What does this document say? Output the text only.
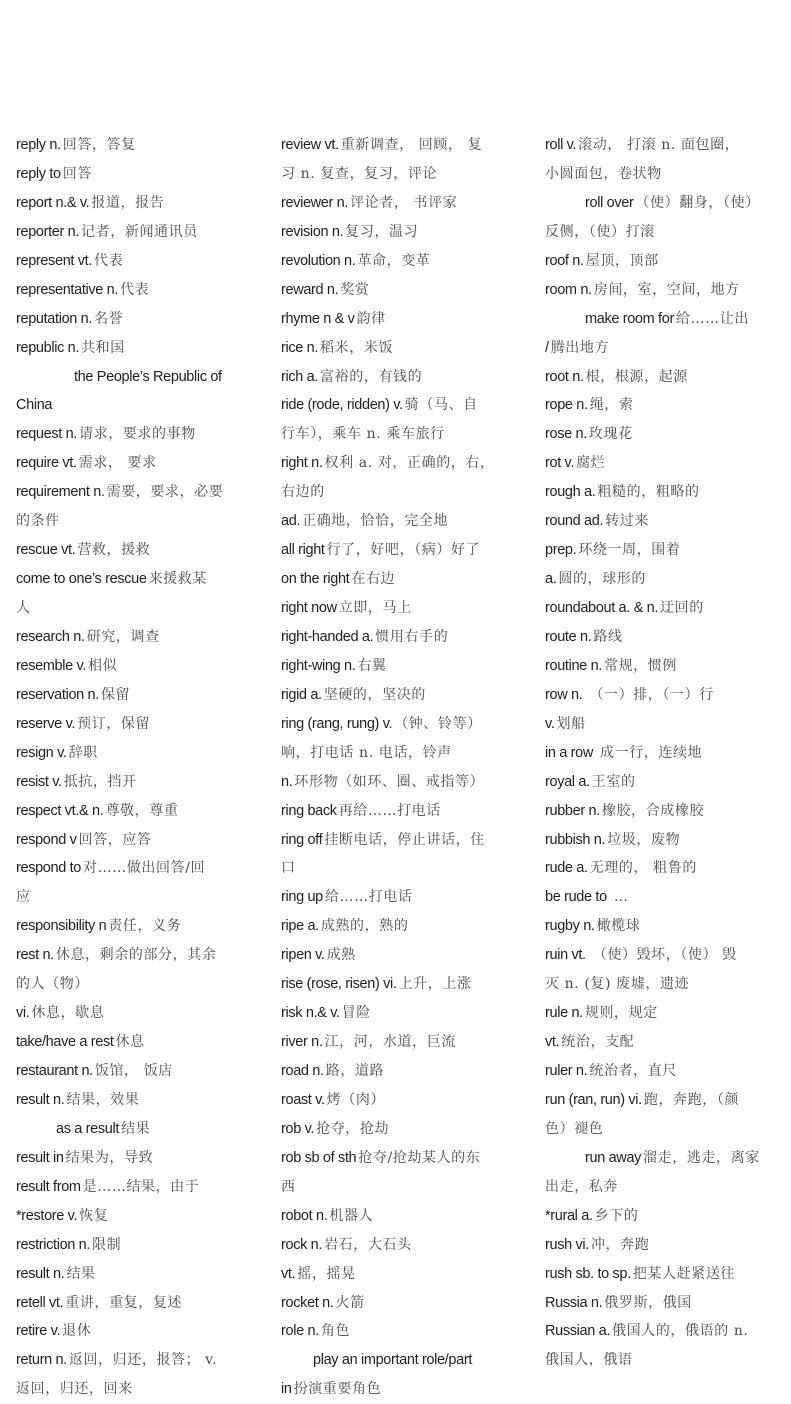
reply n. 回答，答复
reply to 回答
report n.& v. 报道，报告
reporter n. 记者，新闻通讯员
represent vt. 代表
representative n. 代表
reputation n. 名誉
republic n. 共和国
the People’s Republic of
China
request n. 请求，要求的事物
require vt. 需求， 要求
requirement n. 需要，要求，必要
的条件
rescue vt. 营救，援救
come to one’s rescue 来援救某
人
research n. 研究，调查
resemble v. 相似
reservation n. 保留
reserve v. 预订，保留
resign v. 辞职
resist v. 抵抗，挡开
respect vt.& n. 尊敬，尊重
respond v 回答，应答
respond to 对……做出回答/回
应
responsibility n 责任，义务
rest n. 休息，剩余的部分，其余
的人（物）
vi. 休息，歇息
take/have a rest 休息
restaurant n. 饭馆， 饭店
result n. 结果，效果
as a result 结果
result in 结果为，导致
result from 是……结果，由于
*restore v. 恢复
restriction n. 限制
result n. 结果
retell vt. 重讲，重复，复述
retire v. 退休
return n. 返回，归还，报答； v.
返回，归还，回来
review vt. 重新调查， 回顾， 复
习 n. 复查，复习，评论
reviewer n. 评论者， 书评家
revision n. 复习，温习
revolution n. 革命，变革
reward n. 奖赏
rhyme n & v 韵律
rice n. 稻米，米饭
rich a. 富裕的，有钱的
ride (rode, ridden) v. 骑（马、自
行车），乘车 n. 乘车旅行
right n. 权利 a. 对，正确的，右，
右边的
ad. 正确地，恰恰，完全地
all right 行了，好吧，（病）好了
on the right 在右边
right now 立即，马上
right-handed a. 惯用右手的
right-wing n. 右翼
rigid a. 坚硬的，坚决的
ring (rang, rung) v. （钟、铃等）
响，打电话 n. 电话，铃声
n. 环形物（如环、圈、戒指等）
ring back 再给……打电话
ring off 挂断电话，停止讲话，住
口
ring up 给……打电话
ripe a. 成熟的，熟的
ripen v. 成熟
rise (rose, risen) vi. 上升，上涨
risk n.& v. 冒险
river n. 江，河，水道，巨流
road n. 路，道路
roast v. 烤（肉）
rob v. 抢夺，抢劫
rob sb of sth 抢夺/抢劫某人的东
西
robot n. 机器人
rock n. 岩石，大石头
vt. 摇，摇晃
rocket n. 火箭
role n. 角色
play an important role/part
in 扮演重要角色
roll v. 滚动， 打滚 n. 面包圈，
小圆面包，卷状物
roll over （使）翻身，（使）
反侧，（使）打滚
roof n. 屋顶，顶部
room n. 房间，室，空间，地方
make room for 给……让出
/ 腾出地方
root n. 根，根源，起源
rope n. 绳，索
rose n. 玫瑰花
rot v. 腐烂
rough a. 粗糙的，粗略的
round ad. 转过来
prep. 环绕一周，围着
a. 圆的，球形的
roundabout a. & n. 迂回的
route n. 路线
routine n. 常规，惯例
row n. （一）排，（一）行
v. 划船
in a row 成一行，连续地
royal a. 王室的
rubber n. 橡胶，合成橡胶
rubbish n. 垃圾，废物
rude a. 无理的， 粗鲁的
be rude to …
rugby n. 橄榄球
ruin vt. （使）毁坏，（使） 毁
灭 n. (复) 废墟，遗迹
rule n. 规则，规定
vt. 统治，支配
ruler n. 统治者，直尺
run (ran, run) vi. 跑，奔跑，（颜
色）褪色
run away 溜走，逃走，离家
出走，私奔
*rural a. 乡下的
rush vi. 冲，奔跑
rush sb. to sp. 把某人赶紧送往
Russia n. 俄罗斯，俄国
Russian a. 俄国人的，俄语的 n.
俄国人，俄语
